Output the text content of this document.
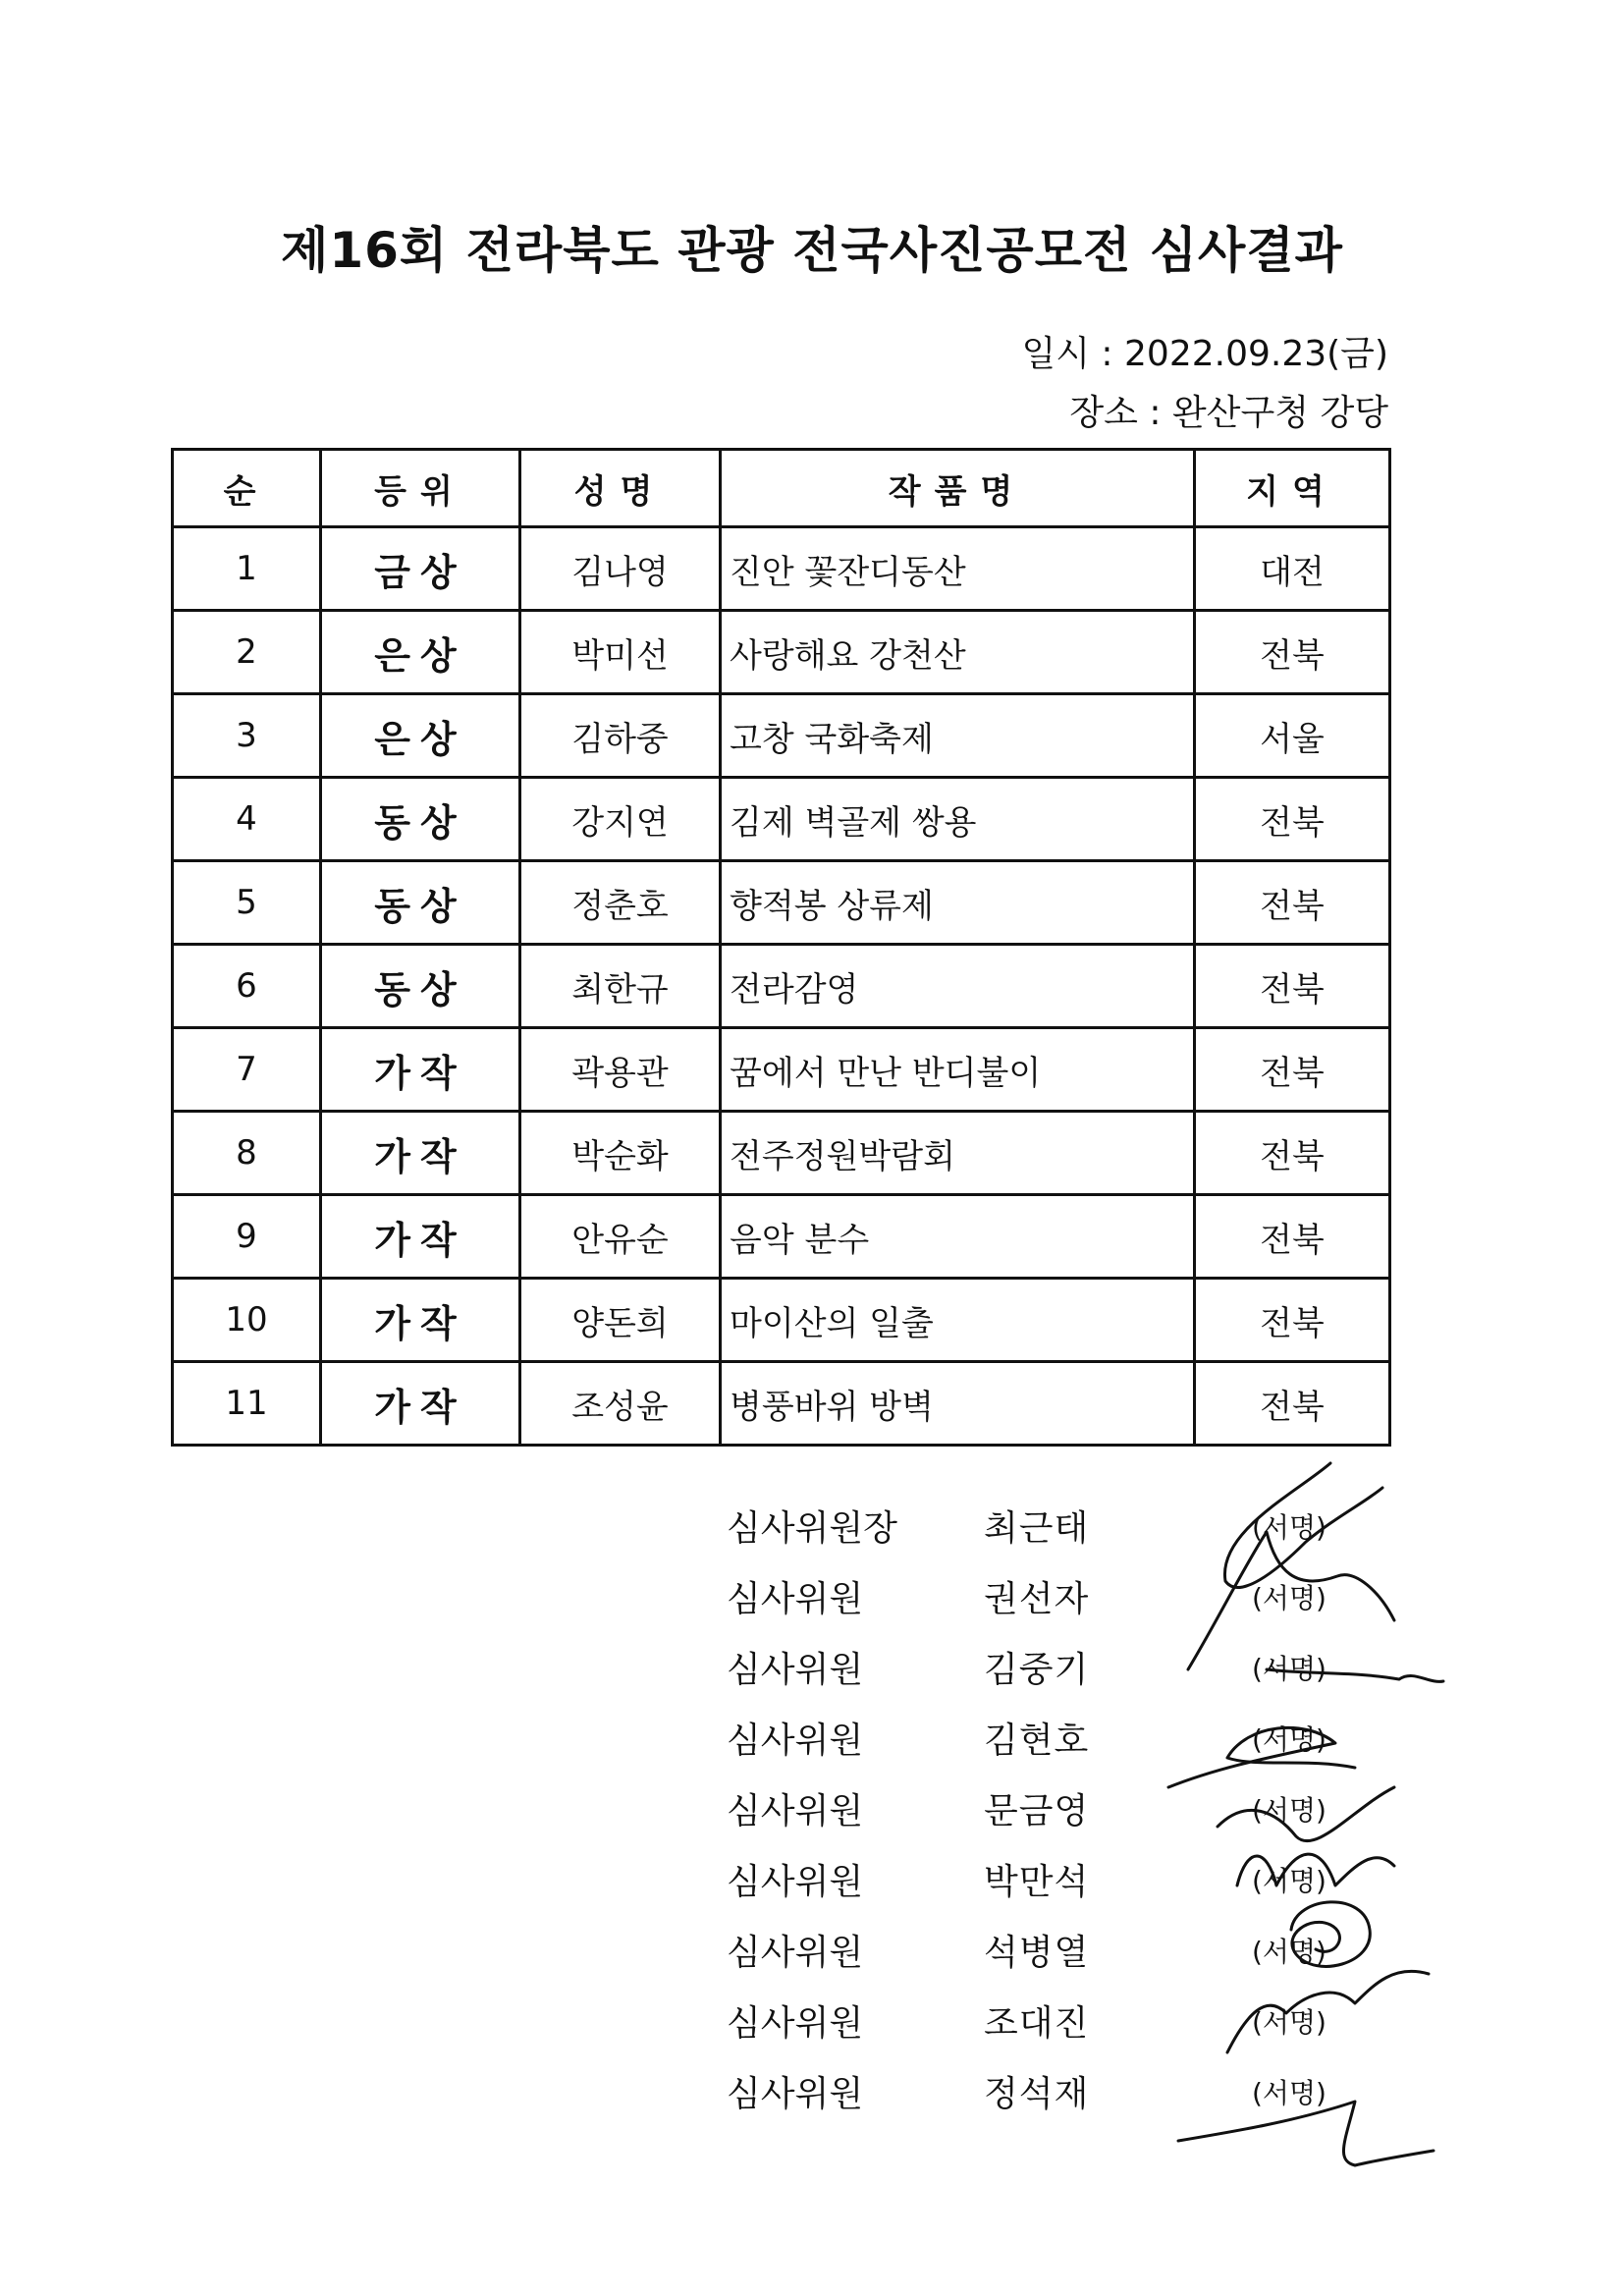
제16회 전라북도 관광 전국사진공모전 심사결과
일시 : 2022.09.23(금)
장소 : 완산구청 강당
순	등위	성명	작품명	지역
1	금상	김나영	진안 꽃잔디동산	대전
2	은상	박미선	사랑해요 강천산	전북
3	은상	김하중	고창 국화축제	서울
4	동상	강지연	김제 벽골제 쌍용	전북
5	동상	정춘호	향적봉 상류제	전북
6	동상	최한규	전라감영	전북
7	가작	곽용관	꿈에서 만난 반디불이	전북
8	가작	박순화	전주정원박람회	전북
9	가작	안유순	음악 분수	전북
10	가작	양돈희	마이산의 일출	전북
11	가작	조성윤	병풍바위 방벽	전북
심사위원장 최근태	(서명)
심사위원	권선자	(서명)
심사위원	김중기	(서명)
심사위원	김현호	(서명)
심사위원	문금영	(서명)
심사위원	박만석	(서명)
심사위원	석병열	(서명)
심사위원	조대진	(서명)
심사위원	정석재	(서명)
